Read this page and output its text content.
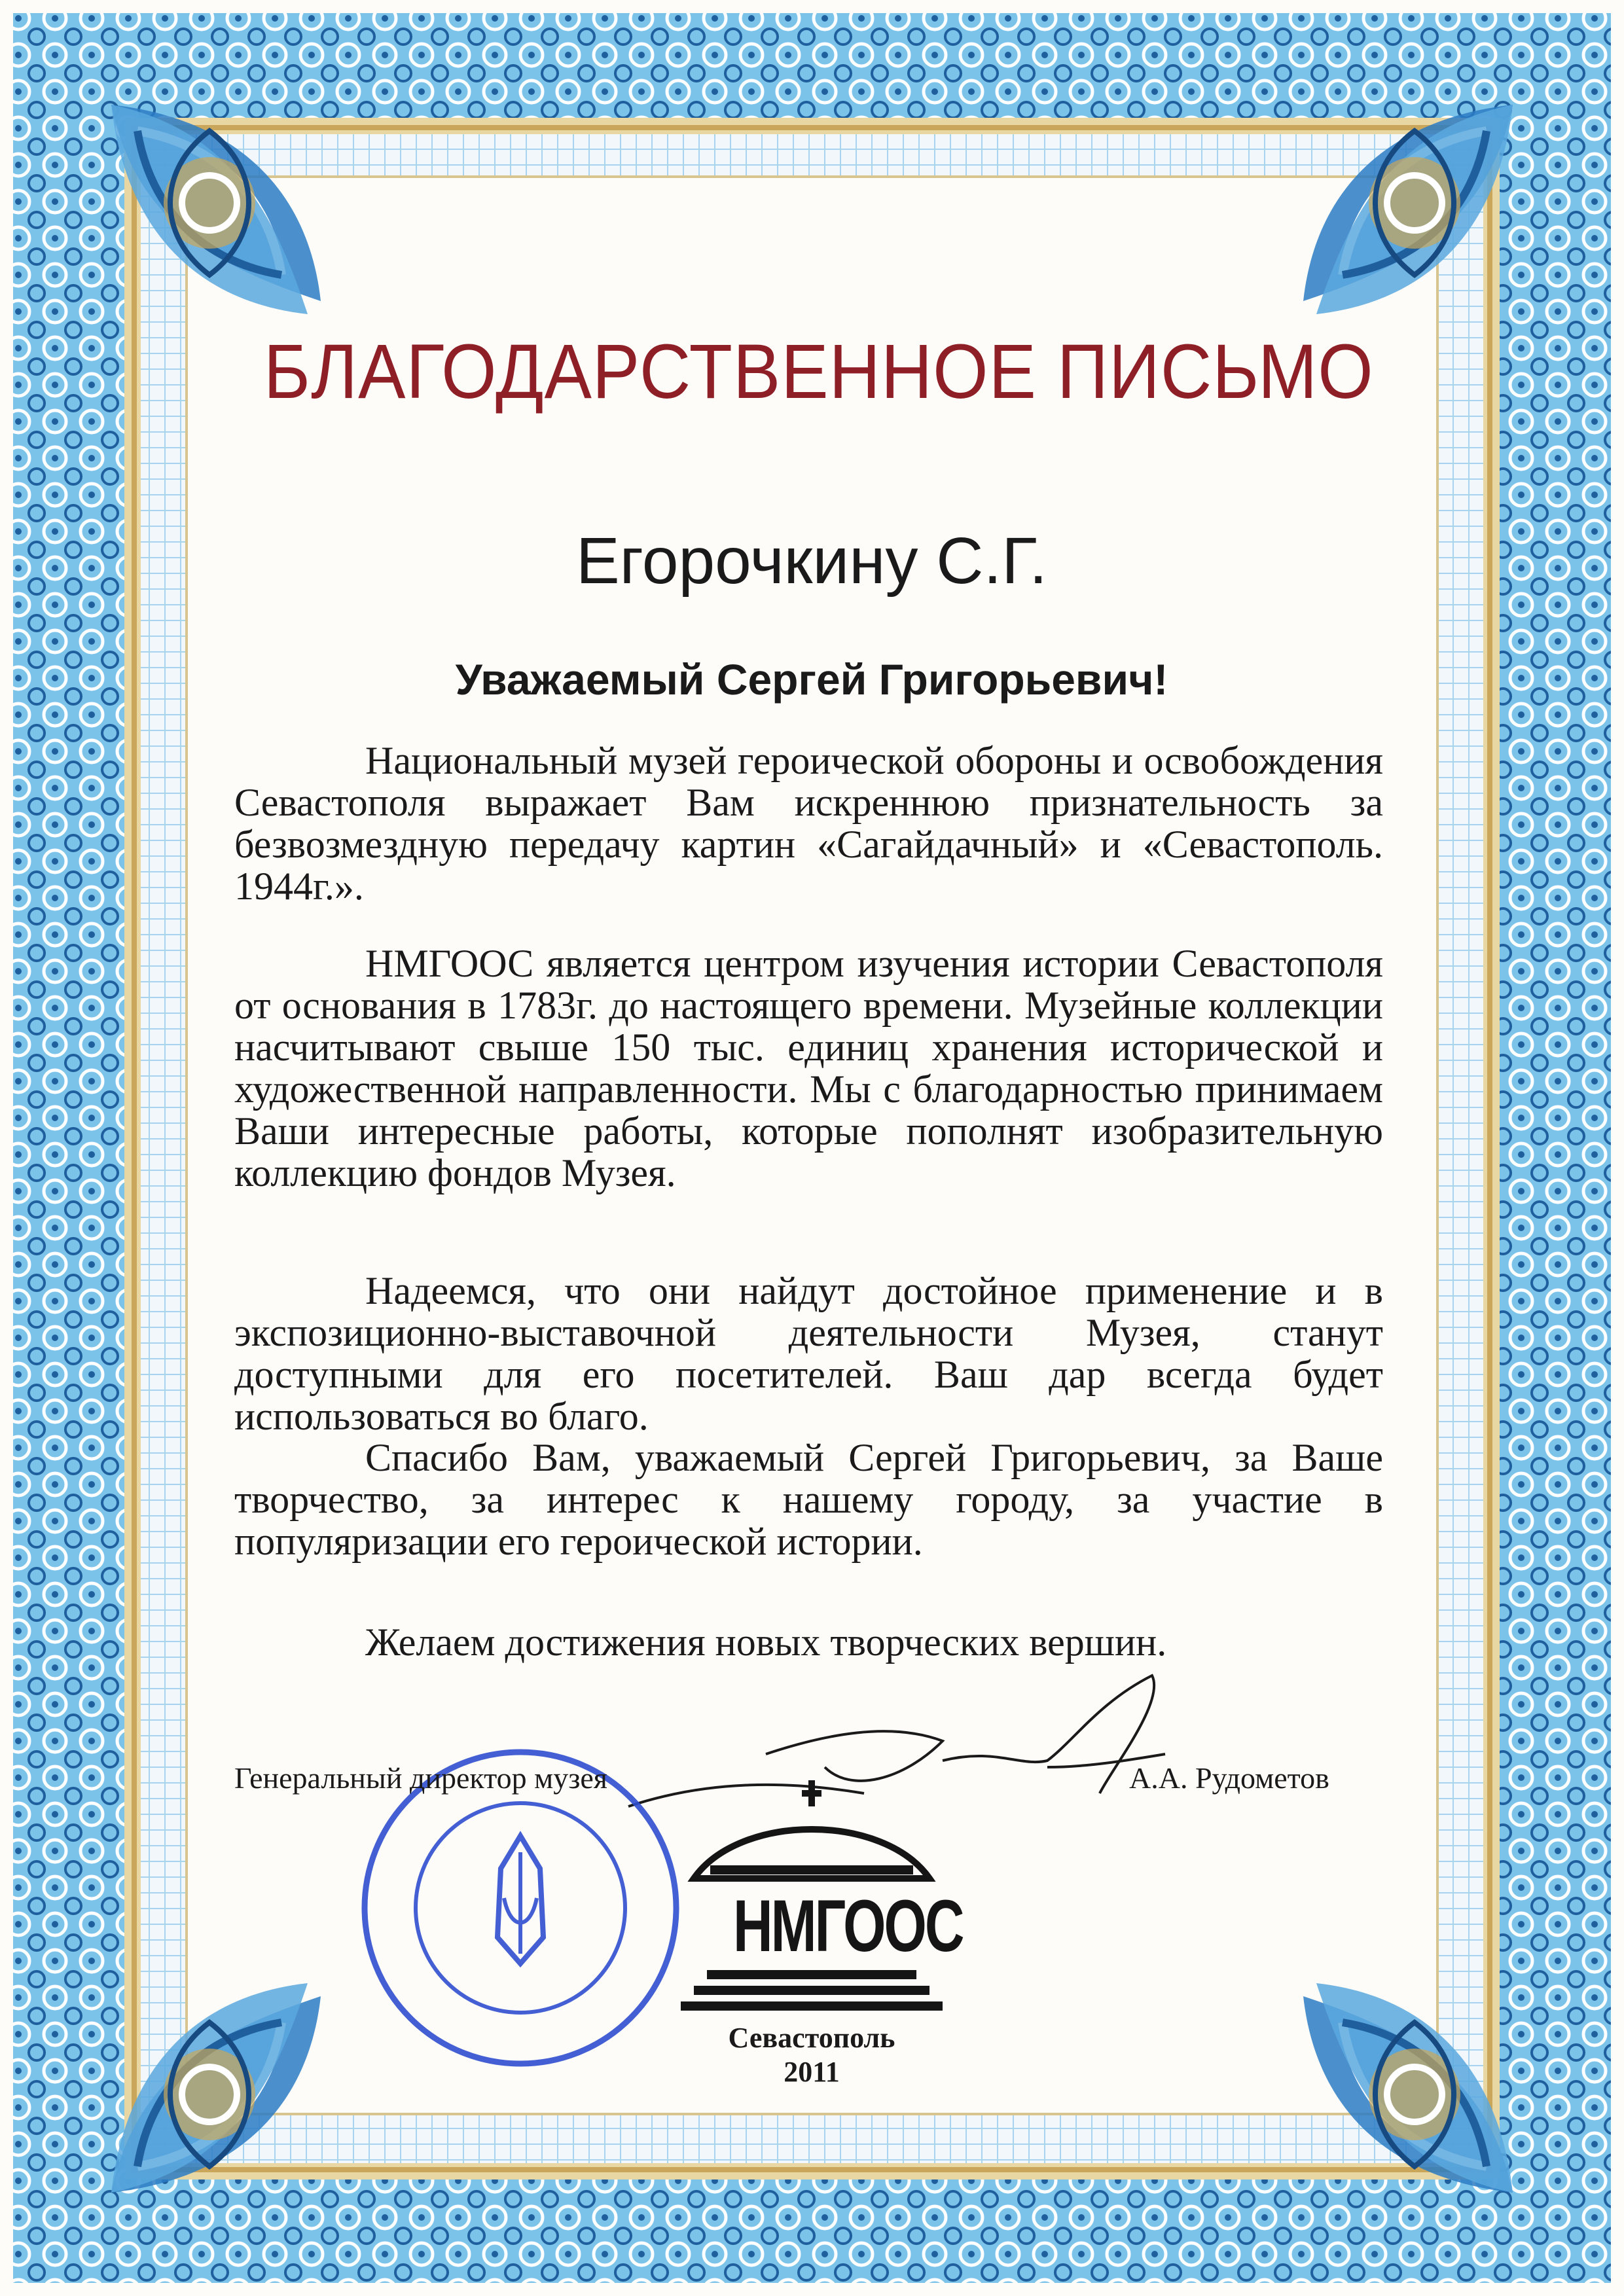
БЛАГОДАРСТВЕННОЕ ПИСЬМО
Егорочкину С.Г.
Уважаемый Сергей Григорьевич!
Национальный музей героической обороны и освобождения Севастополя выражает Вам искреннюю признательность за безвозмездную передачу картин «Сагайдачный» и «Севастополь. 1944г.».
НМГООС является центром изучения истории Севастополя от основания в 1783г. до настоящего времени. Музейные коллекции насчитывают свыше 150 тыс. единиц хранения исторической и художественной направленности. Мы с благодарностью принимаем Ваши интересные работы, которые пополнят изобразительную коллекцию фондов Музея.
Надеемся, что они найдут достойное применение и в экспозиционно-выставочной деятельности Музея, станут доступными для его посетителей. Ваш дар всегда будет использоваться во благо.
Спасибо Вам, уважаемый Сергей Григорьевич, за Ваше творчество, за интерес к нашему городу, за участие в популяризации его героической истории.
Желаем достижения новых творческих вершин.
Генеральный директор музея	А.А. Рудометов
НМГООС
Севастополь
2011
